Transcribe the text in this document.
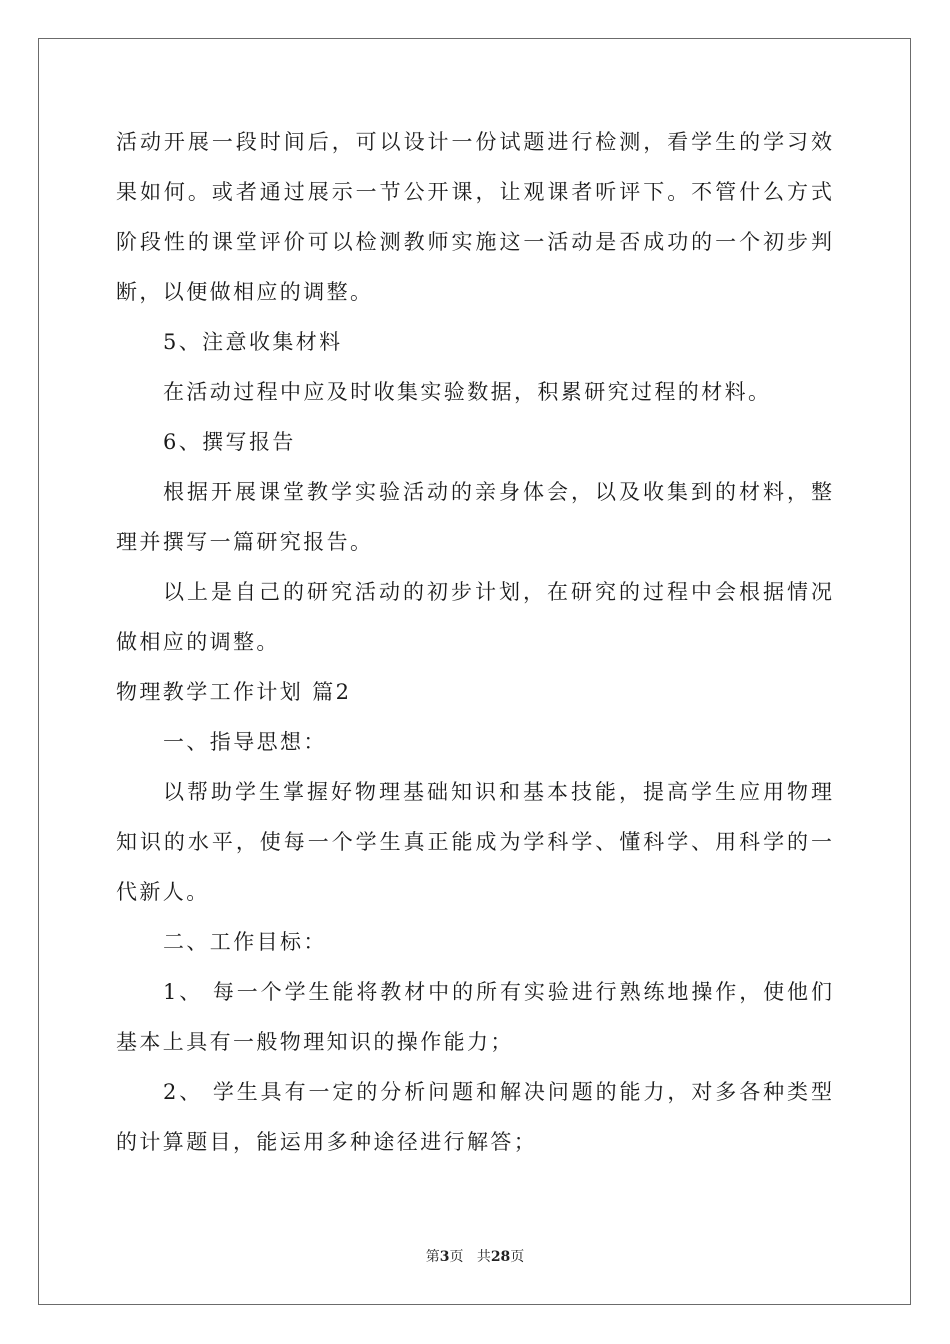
活动开展一段时间后，可以设计一份试题进行检测，看学生的学习效
果如何。或者通过展示一节公开课，让观课者听评下。不管什么方式
阶段性的课堂评价可以检测教师实施这一活动是否成功的一个初步判
断，以便做相应的调整。
5、注意收集材料
在活动过程中应及时收集实验数据，积累研究过程的材料。
6、撰写报告
根据开展课堂教学实验活动的亲身体会，以及收集到的材料，整
理并撰写一篇研究报告。
以上是自己的研究活动的初步计划，在研究的过程中会根据情况
做相应的调整。
物理教学工作计划 篇2
一、指导思想：
以帮助学生掌握好物理基础知识和基本技能，提高学生应用物理
知识的水平，使每一个学生真正能成为学科学、懂科学、用科学的一
代新人。
二、工作目标：
1、 每一个学生能将教材中的所有实验进行熟练地操作，使他们
基本上具有一般物理知识的操作能力；
2、 学生具有一定的分析问题和解决问题的能力，对多各种类型
的计算题目，能运用多种途径进行解答；
第3页 共28页
